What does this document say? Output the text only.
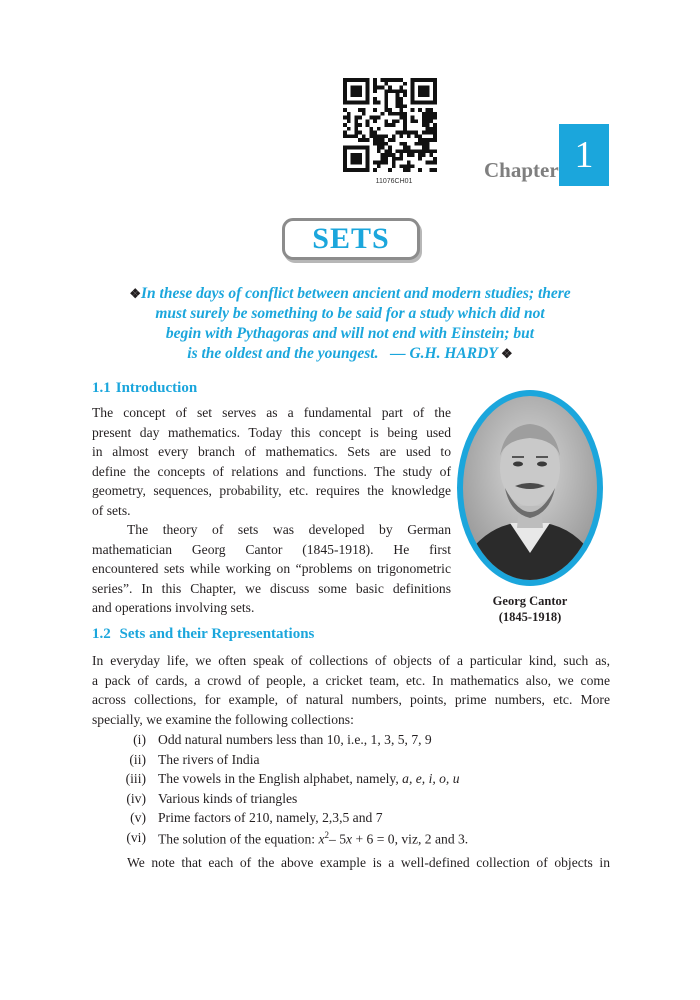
11076CH01	Chapter 1
SETS
❖In these days of conflict between ancient and modern studies; there
must surely be something to be said for a study which did not
begin with Pythagoras and will not end with Einstein; but
is the oldest and the youngest. — G.H. HARDY ❖
1.1 Introduction
The concept of set serves as a fundamental part of the
present day mathematics. Today this concept is being used
in almost every branch of mathematics. Sets are used to
define the concepts of relations and functions. The study of
geometry, sequences, probability, etc. requires the knowledge
of sets.
The theory of sets was developed by German
mathematician Georg Cantor (1845-1918). He first
encountered sets while working on “problems on trigonometric
series”. In this Chapter, we discuss some basic definitions
and operations involving sets.	Georg Cantor
(1845-1918)
1.2 Sets and their Representations
In everyday life, we often speak of collections of objects of a particular kind, such as,
a pack of cards, a crowd of people, a cricket team, etc. In mathematics also, we come
across collections, for example, of natural numbers, points, prime numbers, etc. More
specially, we examine the following collections:
(i) Odd natural numbers less than 10, i.e., 1, 3, 5, 7, 9
(ii) The rivers of India
(iii) The vowels in the English alphabet, namely, a, e, i, o, u
(iv) Various kinds of triangles
(v) Prime factors of 210, namely, 2,3,5 and 7
(vi) The solution of the equation: $x^2-$ 5x + 6 = 0, viz, 2 and 3.
We note that each of the above example is a well-defined collection of objects in
